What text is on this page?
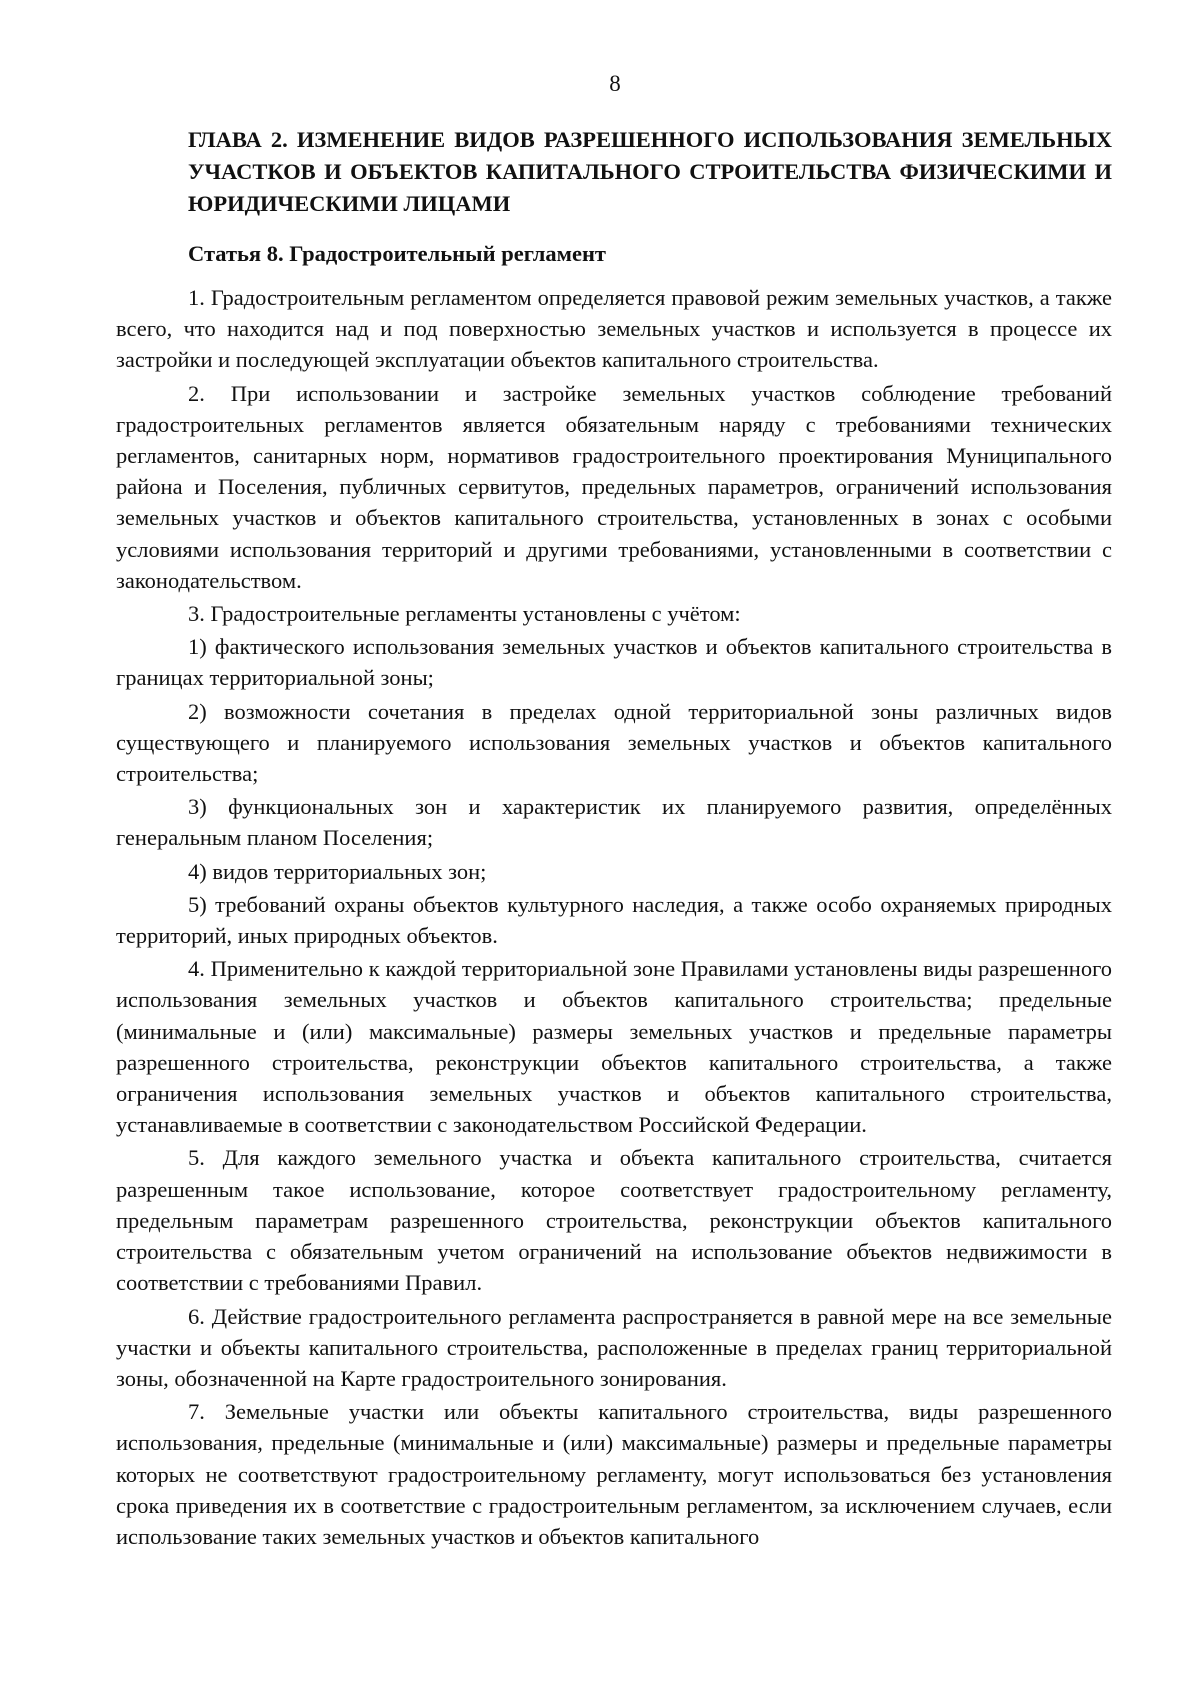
8
ГЛАВА 2. ИЗМЕНЕНИЕ ВИДОВ РАЗРЕШЕННОГО ИСПОЛЬЗОВАНИЯ ЗЕМЕЛЬНЫХ УЧАСТКОВ И ОБЪЕКТОВ КАПИТАЛЬНОГО СТРОИТЕЛЬСТВА ФИЗИЧЕСКИМИ И ЮРИДИЧЕСКИМИ ЛИЦАМИ
Статья 8. Градостроительный регламент

1. Градостроительным регламентом определяется правовой режим земельных участков, а также всего, что находится над и под поверхностью земельных участков и используется в процессе их застройки и последующей эксплуатации объектов капитального строительства.

2. При использовании и застройке земельных участков соблюдение требований градостроительных регламентов является обязательным наряду с требованиями технических регламентов, санитарных норм, нормативов градостроительного проектирования Муниципального района и Поселения, публичных сервитутов, предельных параметров, ограничений использования земельных участков и объектов капитального строительства, установленных в зонах с особыми условиями использования территорий и другими требованиями, установленными в соответствии с законодательством.

3. Градостроительные регламенты установлены с учётом:

1) фактического использования земельных участков и объектов капитального строительства в границах территориальной зоны;

2) возможности сочетания в пределах одной территориальной зоны различных видов существующего и планируемого использования земельных участков и объектов капитального строительства;

3) функциональных зон и характеристик их планируемого развития, определённых генеральным планом Поселения;

4) видов территориальных зон;

5) требований охраны объектов культурного наследия, а также особо охраняемых природных территорий, иных природных объектов.

4. Применительно к каждой территориальной зоне Правилами установлены виды разрешенного использования земельных участков и объектов капитального строительства; предельные (минимальные и (или) максимальные) размеры земельных участков и предельные параметры разрешенного строительства, реконструкции объектов капитального строительства, а также ограничения использования земельных участков и объектов капитального строительства, устанавливаемые в соответствии с законодательством Российской Федерации.

5. Для каждого земельного участка и объекта капитального строительства, считается разрешенным такое использование, которое соответствует градостроительному регламенту, предельным параметрам разрешенного строительства, реконструкции объектов капитального строительства с обязательным учетом ограничений на использование объектов недвижимости в соответствии с требованиями Правил.

6. Действие градостроительного регламента распространяется в равной мере на все земельные участки и объекты капитального строительства, расположенные в пределах границ территориальной зоны, обозначенной на Карте градостроительного зонирования.

7. Земельные участки или объекты капитального строительства, виды разрешенного использования, предельные (минимальные и (или) максимальные) размеры и предельные параметры которых не соответствуют градостроительному регламенту, могут использоваться без установления срока приведения их в соответствие с градостроительным регламентом, за исключением случаев, если использование таких земельных участков и объектов капитального
